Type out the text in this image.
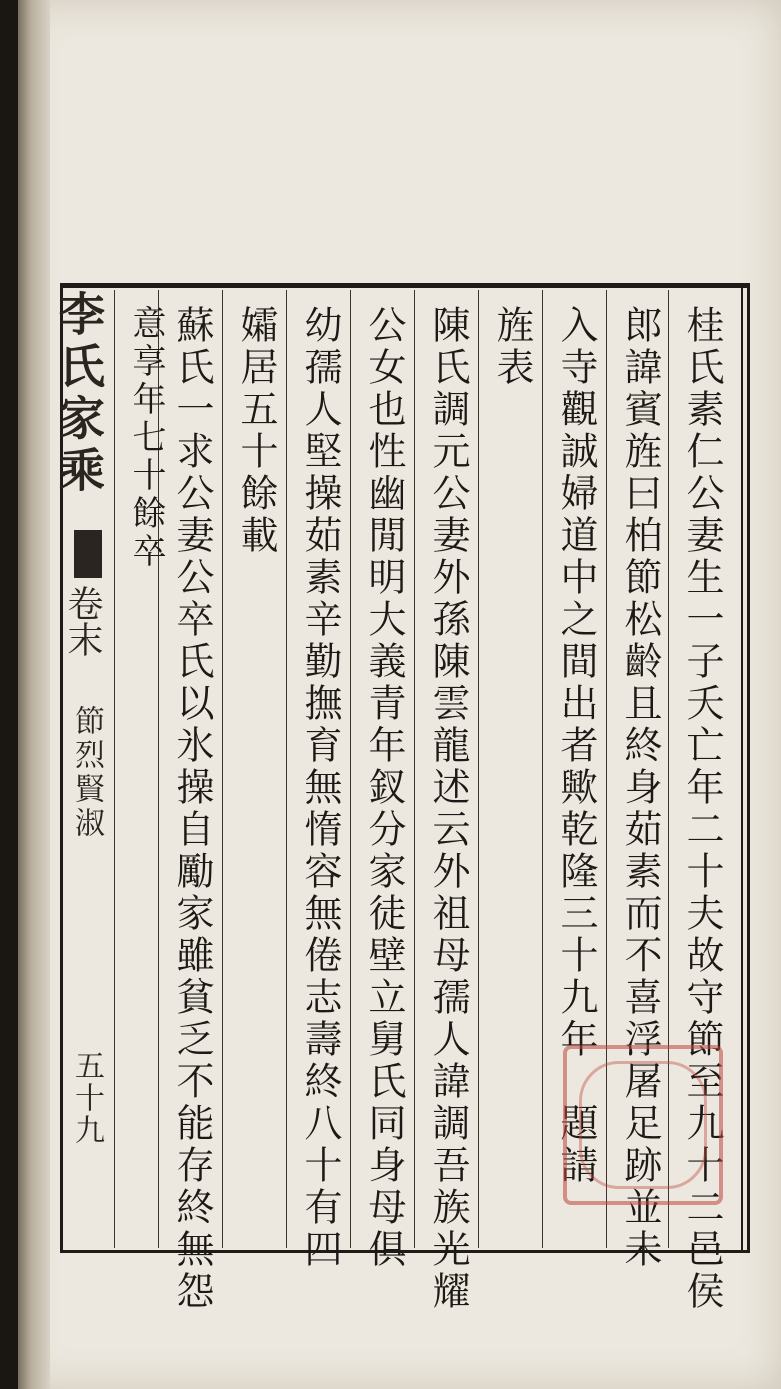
桂氏素仁公妻生一子夭亡年二十夫故守節至九十二邑侯
郎諱賓旌曰柏節松齡且終身茹素而不喜浮屠足跡並未
入寺觀誠婦道中之間出者歟乾隆三十九年　題請
旌表
陳氏調元公妻外孫陳雲龍述云外祖母孺人諱調吾族光耀
公女也性幽閒明大義青年釵分家徒壁立舅氏同身母俱
幼孺人堅操茹素辛勤撫育無惰容無倦志壽終八十有四
孀居五十餘載
蘇氏一求公妻公卒氏以氷操自勵家雖貧乏不能存終無怨
意享年七十餘卒
李氏家乘
卷末
節烈賢淑
五十九
